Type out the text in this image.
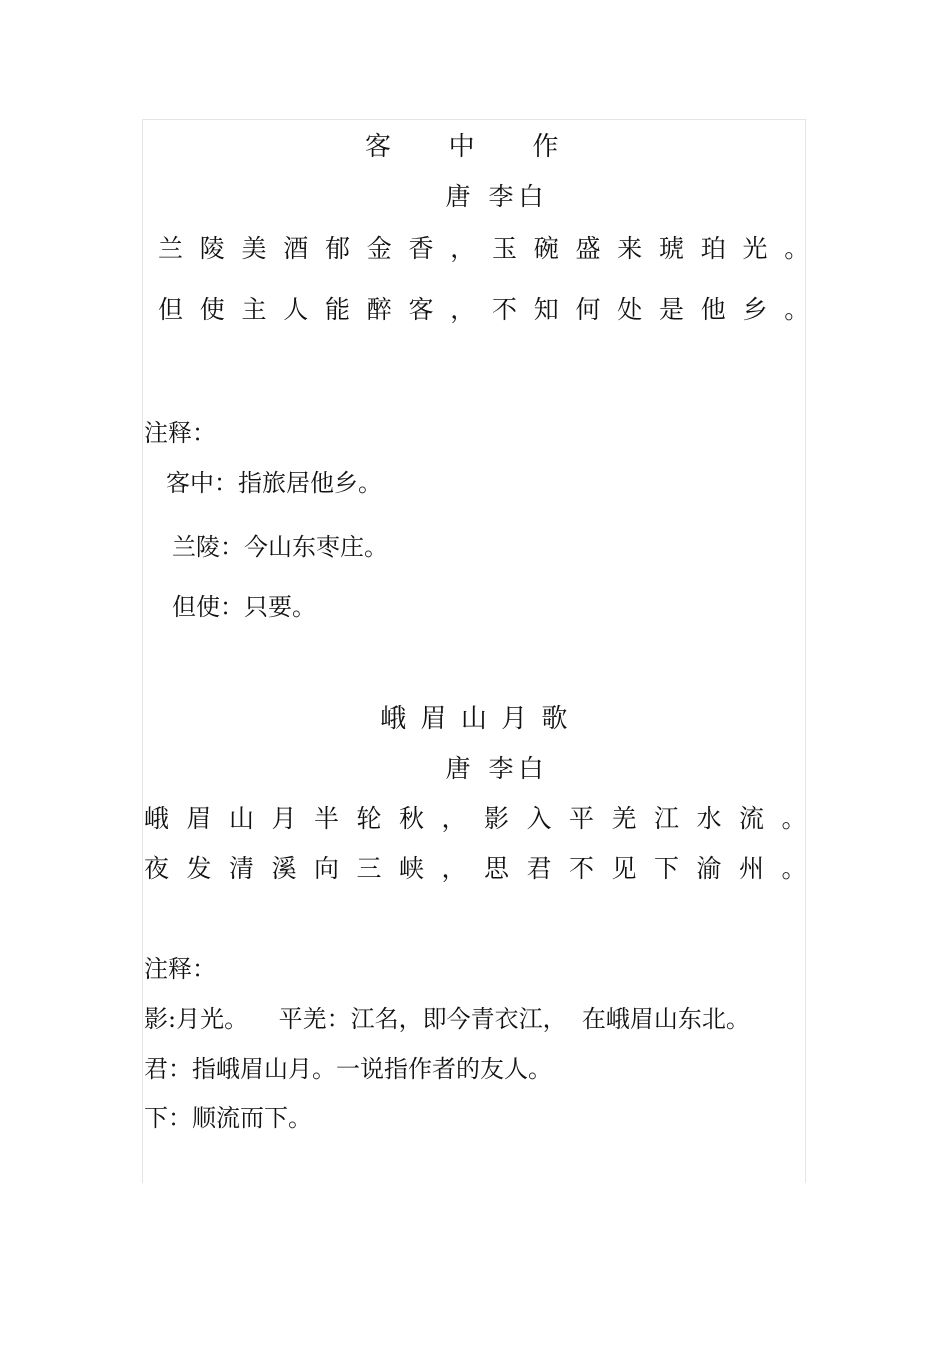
客 中 作
唐 李白
兰陵美酒郁金香，玉碗盛来琥珀光。
但使主人能醉客，不知何处是他乡。
注释：
客中：指旅居他乡。
兰陵：今山东枣庄。
但使：只要。
峨眉山月歌
唐 李白
峨眉山月半轮秋，影入平羌江水流。
夜发清溪向三峡，思君不见下渝州。
注释：
影:月光。    平羌：江名，即今青衣江，  在峨眉山东北。
君：指峨眉山月。一说指作者的友人。
下：顺流而下。
